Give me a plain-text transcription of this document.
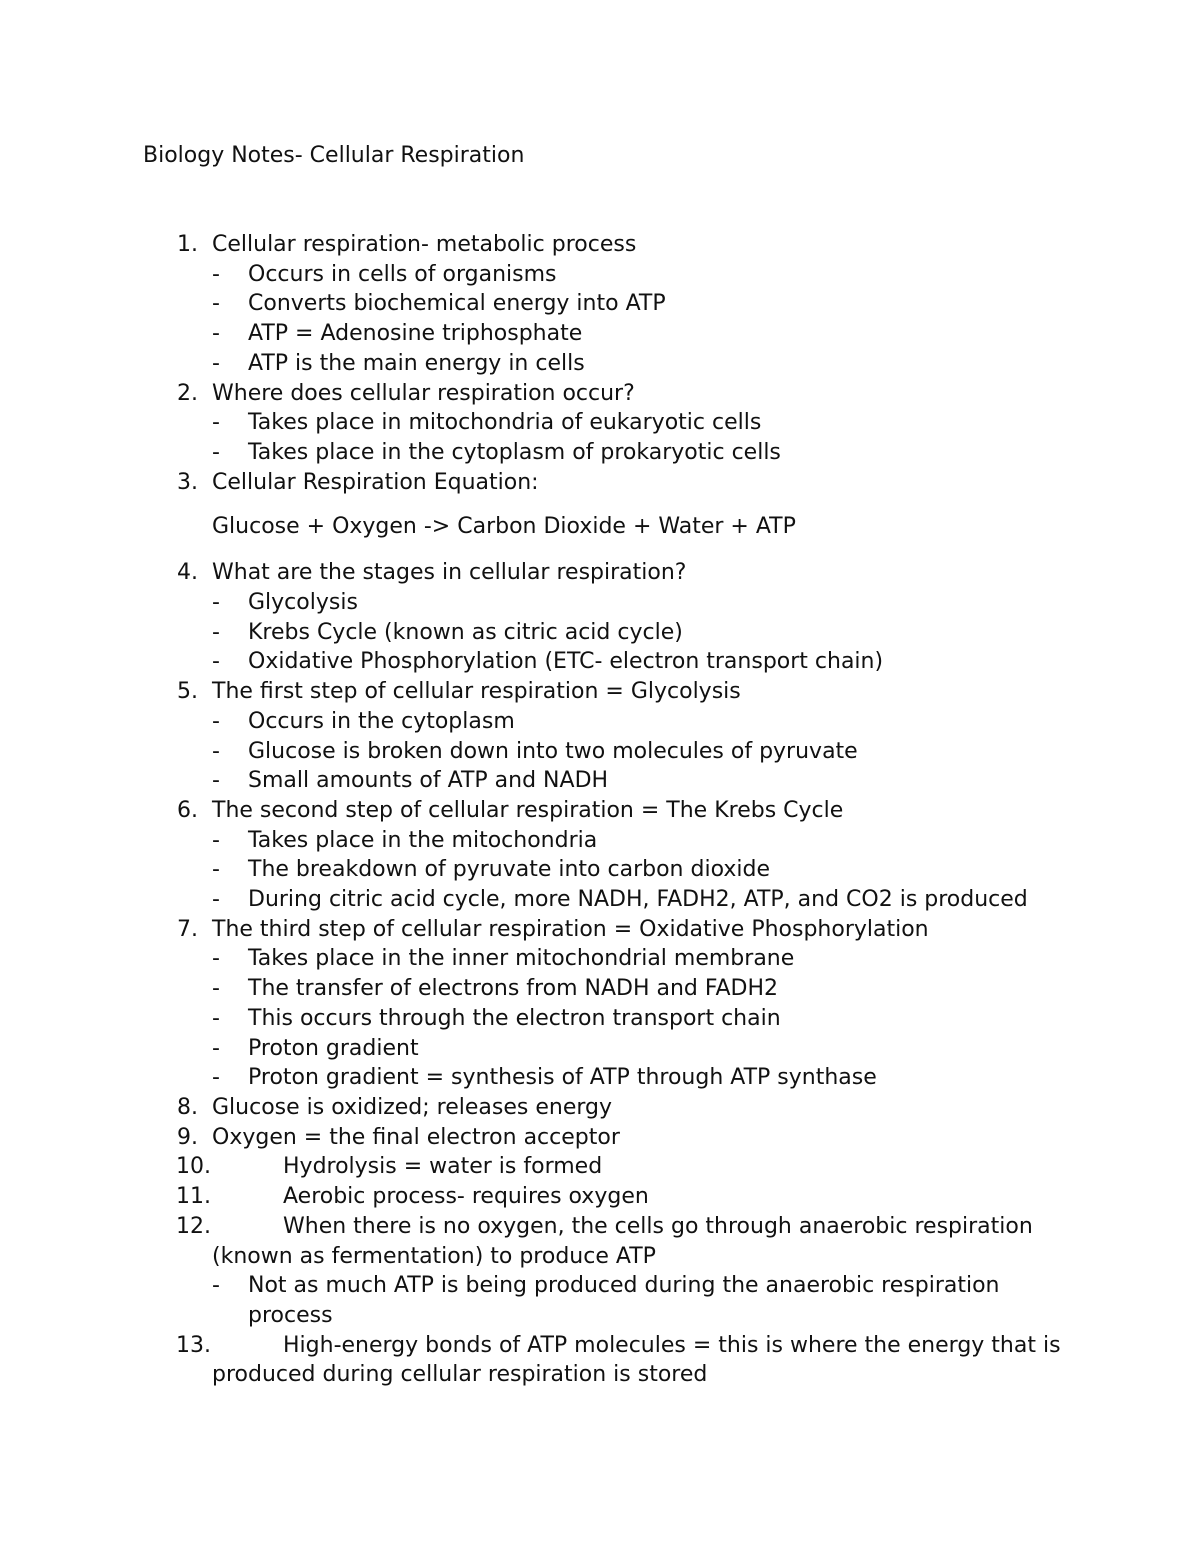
Biology Notes- Cellular Respiration
1. Cellular respiration- metabolic process
- Occurs in cells of organisms
- Converts biochemical energy into ATP
- ATP = Adenosine triphosphate
- ATP is the main energy in cells
2. Where does cellular respiration occur?
- Takes place in mitochondria of eukaryotic cells
- Takes place in the cytoplasm of prokaryotic cells
3. Cellular Respiration Equation:
Glucose + Oxygen -> Carbon Dioxide + Water + ATP
4. What are the stages in cellular respiration?
- Glycolysis
- Krebs Cycle (known as citric acid cycle)
- Oxidative Phosphorylation (ETC- electron transport chain)
5. The first step of cellular respiration = Glycolysis
- Occurs in the cytoplasm
- Glucose is broken down into two molecules of pyruvate
- Small amounts of ATP and NADH
6. The second step of cellular respiration = The Krebs Cycle
- Takes place in the mitochondria
- The breakdown of pyruvate into carbon dioxide
- During citric acid cycle, more NADH, FADH2, ATP, and CO2 is produced
7. The third step of cellular respiration = Oxidative Phosphorylation
- Takes place in the inner mitochondrial membrane
- The transfer of electrons from NADH and FADH2
- This occurs through the electron transport chain
- Proton gradient
- Proton gradient = synthesis of ATP through ATP synthase
8. Glucose is oxidized; releases energy
9. Oxygen = the final electron acceptor
10.	Hydrolysis = water is formed
11.	Aerobic process- requires oxygen
12.	When there is no oxygen, the cells go through anaerobic respiration (known as fermentation) to produce ATP
- Not as much ATP is being produced during the anaerobic respiration process
13.	High-energy bonds of ATP molecules = this is where the energy that is produced during cellular respiration is stored
